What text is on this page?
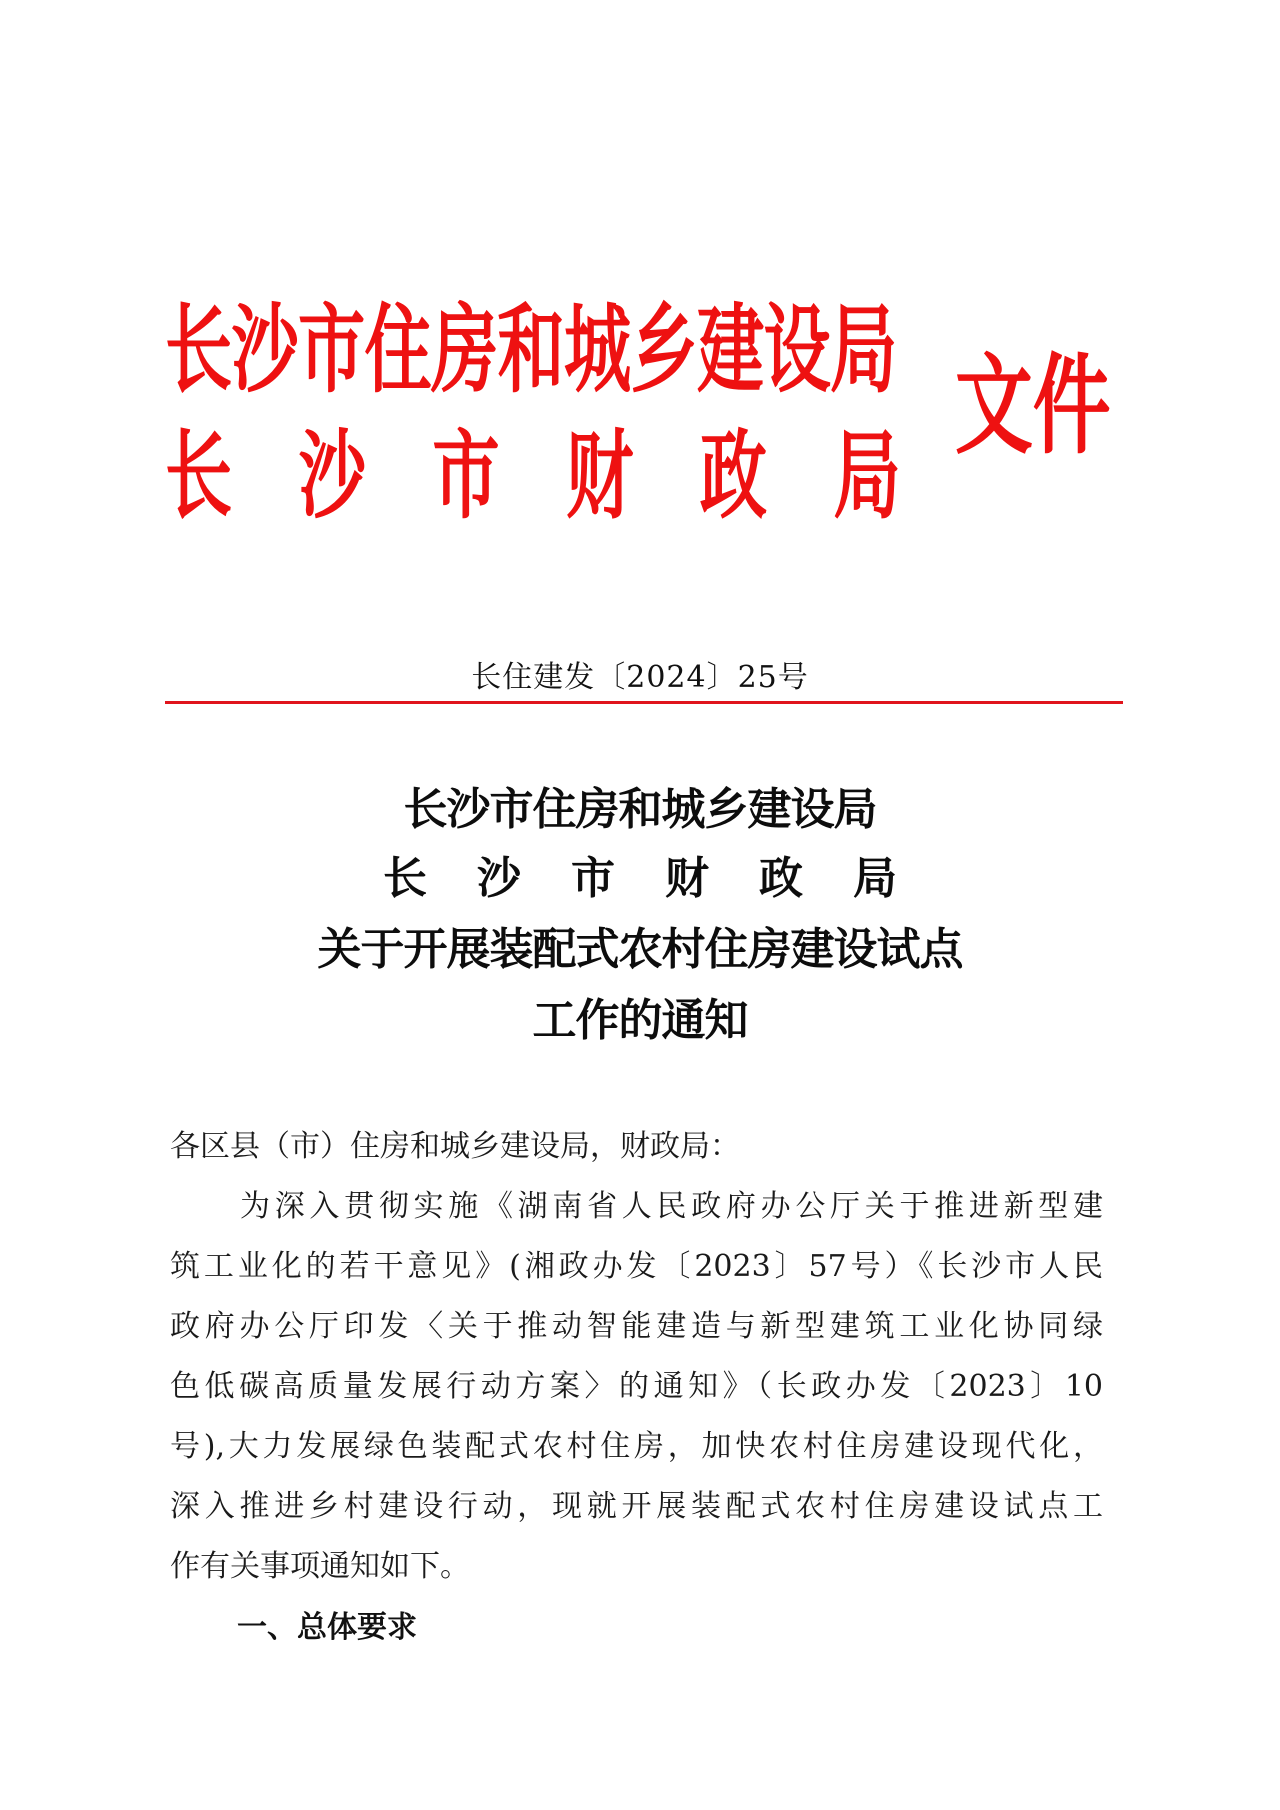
长沙市住房和城乡建设局
长 沙 市 财 政 局
文件
长住建发〔2024〕25号
长沙市住房和城乡建设局
长 沙 市 财 政 局
关于开展装配式农村住房建设试点
工作的通知
各区县（市）住房和城乡建设局，财政局：
为深入贯彻实施《湖南省人民政府办公厅关于推进新型建
筑工业化的若干意见》(湘政办发〔2023〕57号）《长沙市人民
政府办公厅印发〈关于推动智能建造与新型建筑工业化协同绿
色低碳高质量发展行动方案〉的通知》（长政办发〔2023〕10
号),大力发展绿色装配式农村住房，加快农村住房建设现代化，
深入推进乡村建设行动，现就开展装配式农村住房建设试点工
作有关事项通知如下。
一、总体要求
